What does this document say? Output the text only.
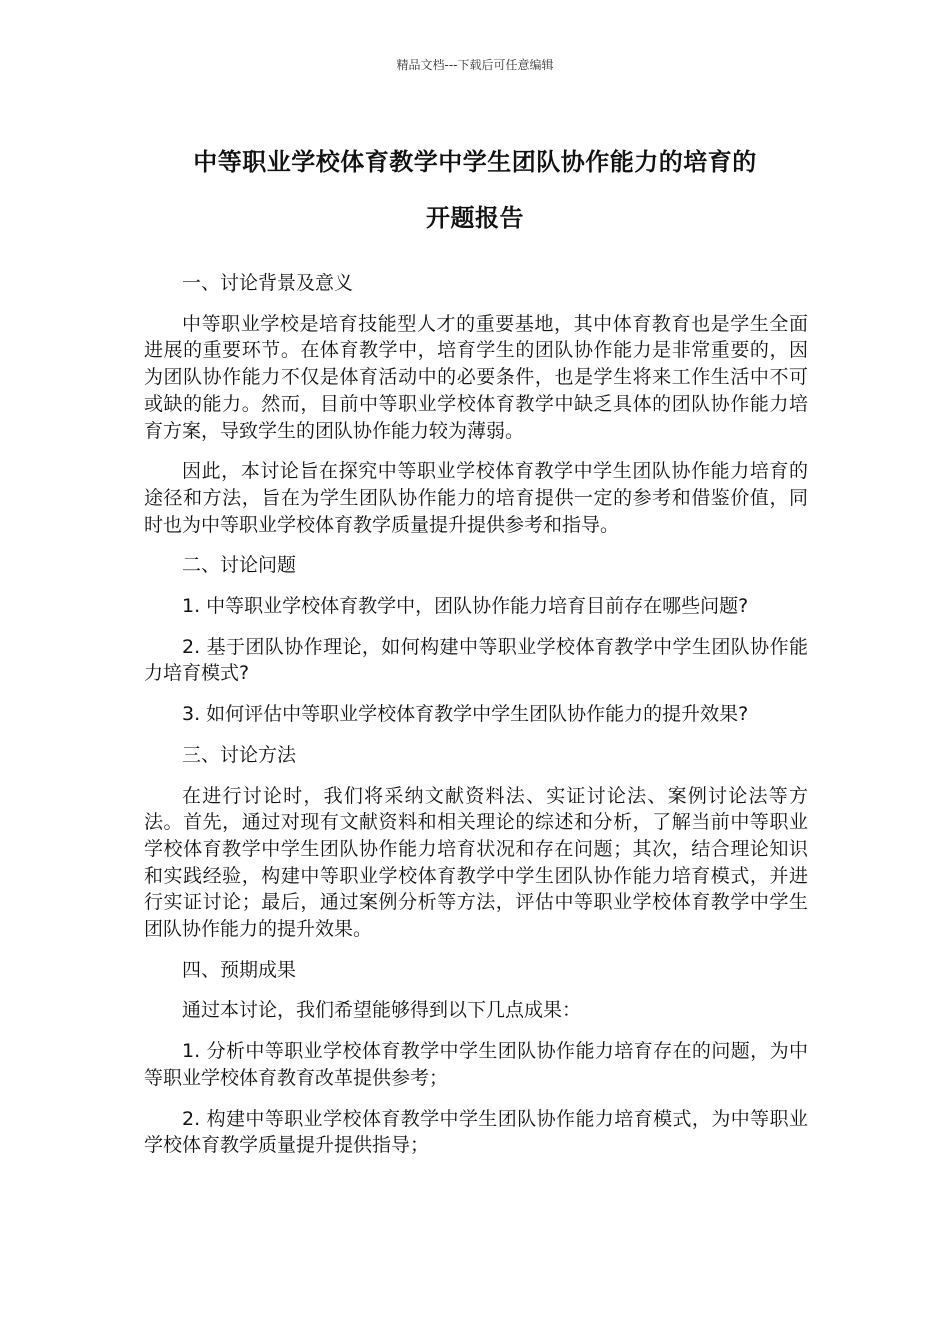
精品文档---下载后可任意编辑
中等职业学校体育教学中学生团队协作能力的培育的
开题报告

一、讨论背景及意义

中等职业学校是培育技能型人才的重要基地，其中体育教育也是学生全面进展的重要环节。在体育教学中，培育学生的团队协作能力是非常重要的，因为团队协作能力不仅是体育活动中的必要条件，也是学生将来工作生活中不可或缺的能力。然而，目前中等职业学校体育教学中缺乏具体的团队协作能力培育方案，导致学生的团队协作能力较为薄弱。

因此，本讨论旨在探究中等职业学校体育教学中学生团队协作能力培育的途径和方法，旨在为学生团队协作能力的培育提供一定的参考和借鉴价值，同时也为中等职业学校体育教学质量提升提供参考和指导。

二、讨论问题

1. 中等职业学校体育教学中，团队协作能力培育目前存在哪些问题?

2. 基于团队协作理论，如何构建中等职业学校体育教学中学生团队协作能力培育模式?

3. 如何评估中等职业学校体育教学中学生团队协作能力的提升效果?

三、讨论方法

在进行讨论时，我们将采纳文献资料法、实证讨论法、案例讨论法等方法。首先，通过对现有文献资料和相关理论的综述和分析，了解当前中等职业学校体育教学中学生团队协作能力培育状况和存在问题；其次，结合理论知识和实践经验，构建中等职业学校体育教学中学生团队协作能力培育模式，并进行实证讨论；最后，通过案例分析等方法，评估中等职业学校体育教学中学生团队协作能力的提升效果。

四、预期成果

通过本讨论，我们希望能够得到以下几点成果：

1. 分析中等职业学校体育教学中学生团队协作能力培育存在的问题，为中等职业学校体育教育改革提供参考；

2. 构建中等职业学校体育教学中学生团队协作能力培育模式，为中等职业学校体育教学质量提升提供指导；
